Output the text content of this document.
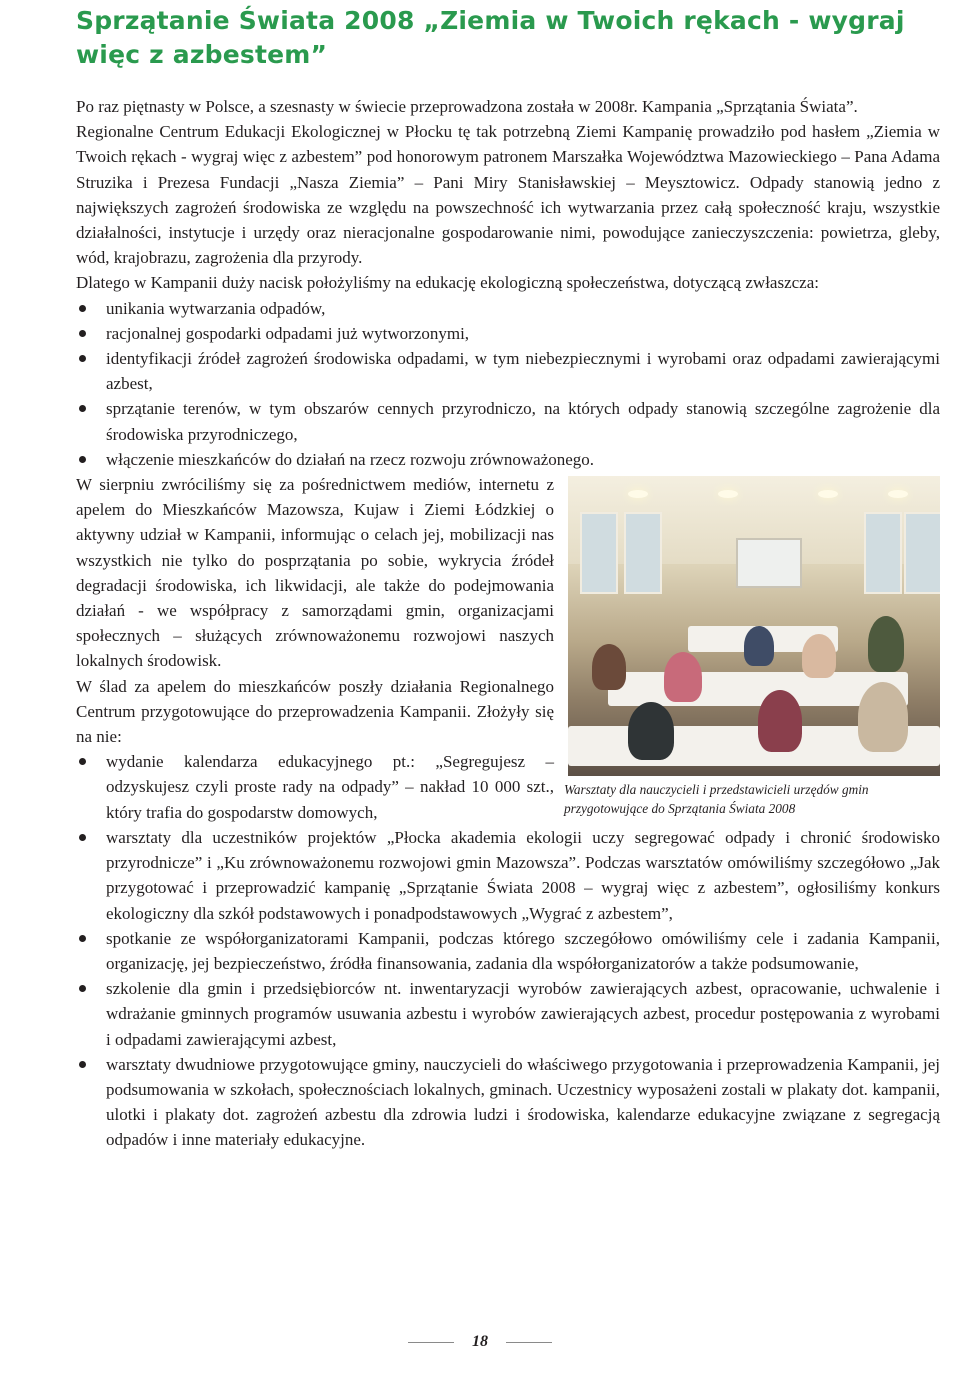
Sprzątanie Świata 2008 „Ziemia w Twoich rękach - wygraj więc z azbestem”

Po raz piętnasty w Polsce, a szesnasty w świecie przeprowadzona została w 2008r. Kampania „Sprzątania Świata”.

Regionalne Centrum Edukacji Ekologicznej w Płocku tę tak potrzebną Ziemi Kampanię prowadziło pod hasłem „Ziemia w Twoich rękach - wygraj więc z azbestem” pod honorowym patronem Marszałka Województwa Mazowieckiego – Pana Adama Struzika i Prezesa Fundacji „Nasza Ziemia” – Pani Miry Stanisławskiej – Meysztowicz. Odpady stanowią jedno z największych zagrożeń środowiska ze względu na powszechność ich wytwarzania przez całą społeczność kraju, wszystkie działalności, instytucje i urzędy oraz nieracjonalne gospodarowanie nimi, powodujące zanieczyszczenia: powietrza, gleby, wód, krajobrazu, zagrożenia dla przyrody.

Dlatego w Kampanii duży nacisk położyliśmy na edukację ekologiczną społeczeństwa, dotyczącą zwłaszcza:

unikania wytwarzania odpadów,
racjonalnej gospodarki odpadami już wytworzonymi,
identyfikacji źródeł zagrożeń środowiska odpadami, w tym niebezpiecznymi i wyrobami oraz odpadami zawierającymi azbest,
sprzątanie terenów, w tym obszarów cennych przyrodniczo, na których odpady stanowią szczególne zagrożenie dla środowiska przyrodniczego,
włączenie mieszkańców do działań na rzecz rozwoju zrównoważonego.

Warsztaty dla nauczycieli i przedstawicieli urzędów gmin przygotowujące do Sprzątania Świata 2008
W sierpniu zwróciliśmy się za pośrednictwem mediów, internetu z apelem do Mieszkańców Mazowsza, Kujaw i Ziemi Łódzkiej o aktywny udział w Kampanii, informując o celach jej, mobilizacji nas wszystkich nie tylko do posprzątania po sobie, wykrycia źródeł degradacji środowiska, ich likwidacji, ale także do podejmowania działań - we współpracy z samorządami gmin, organizacjami społecznych – służących zrównoważonemu rozwojowi naszych lokalnych środowisk.

W ślad za apelem do mieszkańców poszły działania Regionalnego Centrum przygotowujące do przeprowadzenia Kampanii. Złożyły się na nie:

wydanie kalendarza edukacyjnego pt.: „Segregujesz – odzyskujesz czyli proste rady na odpady” – nakład 10 000 szt., który trafia do gospodarstw domowych,
warsztaty dla uczestników projektów „Płocka akademia ekologii uczy segregować odpady i chronić środowisko przyrodnicze” i „Ku zrównoważonemu rozwojowi gmin Mazowsza”. Podczas warsztatów omówiliśmy szczegółowo „Jak przygotować i przeprowadzić kampanię „Sprzątanie Świata 2008 – wygraj więc z azbestem”, ogłosiliśmy konkurs ekologiczny dla szkół podstawowych i ponadpodstawowych „Wygrać z azbestem”,
spotkanie ze współorganizatorami Kampanii, podczas którego szczegółowo omówiliśmy cele i zadania Kampanii, organizację, jej bezpieczeństwo, źródła finansowania, zadania dla współorganizatorów a także podsumowanie,
szkolenie dla gmin i przedsiębiorców nt. inwentaryzacji wyrobów zawierających azbest, opracowanie, uchwalenie i wdrażanie gminnych programów usuwania azbestu i wyrobów zawierających azbest, procedur postępowania z wyrobami i odpadami zawierającymi azbest,
warsztaty dwudniowe przygotowujące gminy, nauczycieli do właściwego przygotowania i przeprowadzenia Kampanii, jej podsumowania w szkołach, społecznościach lokalnych, gminach. Uczestnicy wyposażeni zostali w plakaty dot. kampanii, ulotki i plakaty dot. zagrożeń azbestu dla zdrowia ludzi i środowiska, kalendarze edukacyjne związane z segregacją odpadów i inne materiały edukacyjne.
18
